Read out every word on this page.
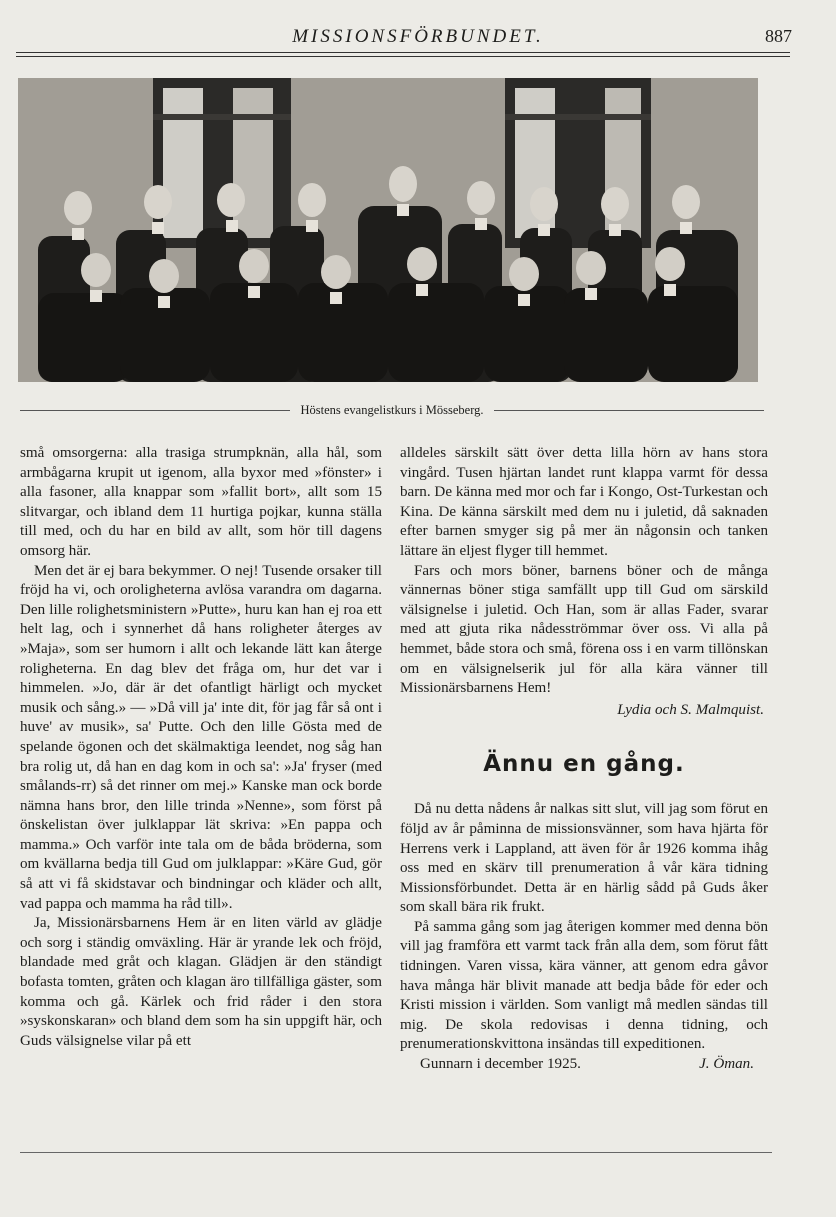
MISSIONSFÖRBUNDET.	887
Höstens evangelistkurs i Mösseberg.

små omsorgerna: alla trasiga strumpknän, alla hål, som armbågarna krupit ut igenom, alla byxor med »fönster» i alla fasoner, alla knappar som »fallit bort», allt som 15 slitvargar, och ibland dem 11 hurtiga pojkar, kunna ställa till med, och du har en bild av allt, som hör till dagens omsorg här.

Men det är ej bara bekymmer. O nej! Tusende orsaker till fröjd ha vi, och oroligheterna avlösa varandra om dagarna. Den lille rolighetsministern »Putte», huru kan han ej roa ett helt lag, och i synnerhet då hans roligheter återges av »Maja», som ser humorn i allt och lekande lätt kan återge roligheterna. En dag blev det fråga om, hur det var i himmelen. »Jo, där är det ofantligt härligt och mycket musik och sång.» — »Då vill ja' inte dit, för jag får så ont i huve' av musik», sa' Putte. Och den lille Gösta med de spelande ögonen och det skälmaktiga leendet, nog såg han bra rolig ut, då han en dag kom in och sa': »Ja' fryser (med smålands-rr) så det rinner om mej.» Kanske man ock borde nämna hans bror, den lille trinda »Nenne», som först på önskelistan över julklappar lät skriva: »En pappa och mamma.» Och varför inte tala om de båda bröderna, som om kvällarna bedja till Gud om julklappar: »Käre Gud, gör så att vi få skidstavar och bindningar och kläder och allt, vad pappa och mamma ha råd till».

Ja, Missionärsbarnens Hem är en liten värld av glädje och sorg i ständig omväxling. Här är yrande lek och fröjd, blandade med gråt och klagan. Glädjen är den ständigt bofasta tomten, gråten och klagan äro tillfälliga gäster, som komma och gå. Kärlek och frid råder i den stora »syskonskaran» och bland dem som ha sin uppgift här, och Guds välsignelse vilar på ett

alldeles särskilt sätt över detta lilla hörn av hans stora vingård. Tusen hjärtan landet runt klappa varmt för dessa barn. De känna med mor och far i Kongo, Ost-Turkestan och Kina. De känna särskilt med dem nu i juletid, då saknaden efter barnen smyger sig på mer än någonsin och tanken lättare än eljest flyger till hemmet.

Fars och mors böner, barnens böner och de många vännernas böner stiga samfällt upp till Gud om särskild välsignelse i juletid. Och Han, som är allas Fader, svarar med att gjuta rika nådesströmmar över oss. Vi alla på hemmet, både stora och små, förena oss i en varm tillönskan om en välsignelserik jul för alla kära vänner till Missionärsbarnens Hem!

Lydia och S. Malmquist.
Ännu en gång.

Då nu detta nådens år nalkas sitt slut, vill jag som förut en följd av år påminna de missionsvänner, som hava hjärta för Herrens verk i Lappland, att även för år 1926 komma ihåg oss med en skärv till prenumeration å vår kära tidning Missionsförbundet. Detta är en härlig sådd på Guds åker som skall bära rik frukt.

På samma gång som jag återigen kommer med denna bön vill jag framföra ett varmt tack från alla dem, som förut fått tidningen. Varen vissa, kära vänner, att genom edra gåvor hava många här blivit manade att bedja både för eder och Kristi mission i världen. Som vanligt må medlen sändas till mig. De skola redovisas i denna tidning, och prenumerationskvittona insändas till expeditionen.

Gunnarn i december 1925.	J. Öman.
